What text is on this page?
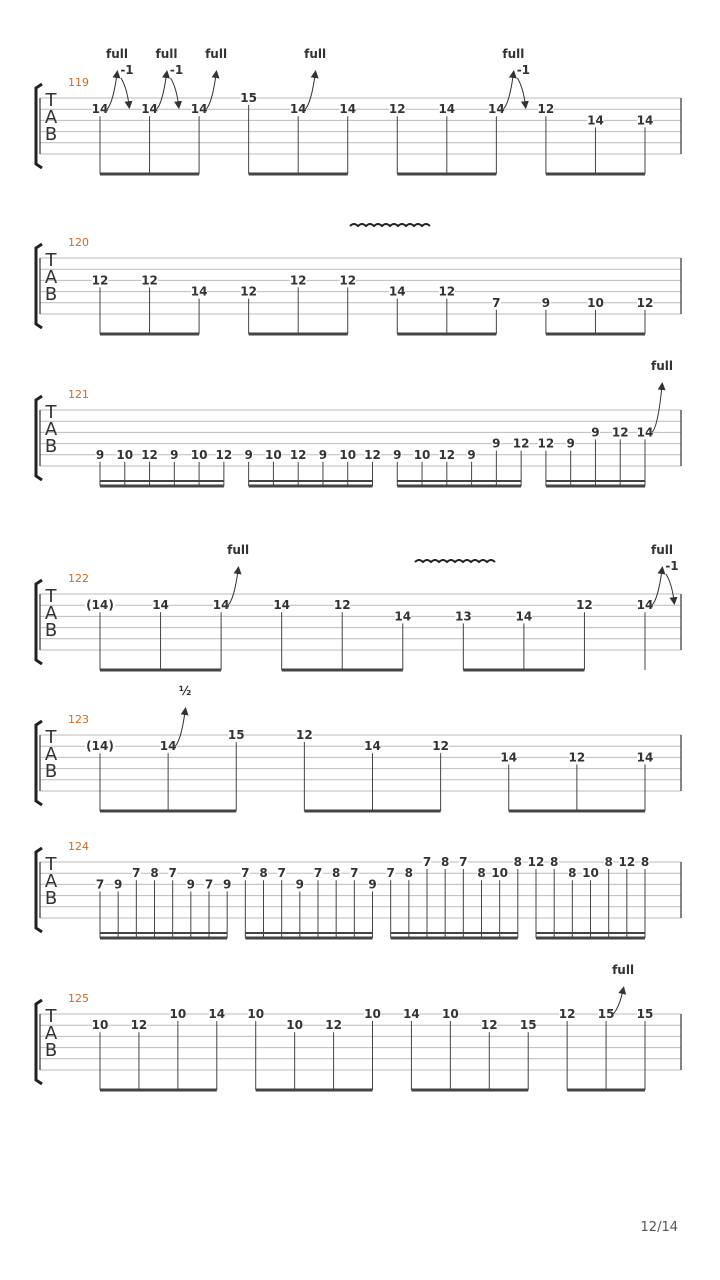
119
T
A
B
14
full
-1
14
full
-1
14
full
15
14
full
14	12	14	14
full
-1
12
14	14
120
T
A
B
12	12
14	12
12	12
14	12
7	9	10	12
121
T
A
B	9 10 12 9 10 12 9 10 12 9 10 12 9 10 12 9
9 12 12 9
9 12 14
full
122
T
A
B
(14)	14	14
full
14	12
14	13	14
12	14
full
-1
123
T
A
B
(14)	14
½
15	12
14	12
14	12	14
124
T
A
B
7 9
7 8 7
9 7 9
7 8 7
9
7 8 7
9
7 8
7 8 7
8 10
8 12 8
8 10
8 12 8
125
T
A
B
10 12
10 14 10
10 12
10 14 10
12 15
12 15
full
15
12/14
